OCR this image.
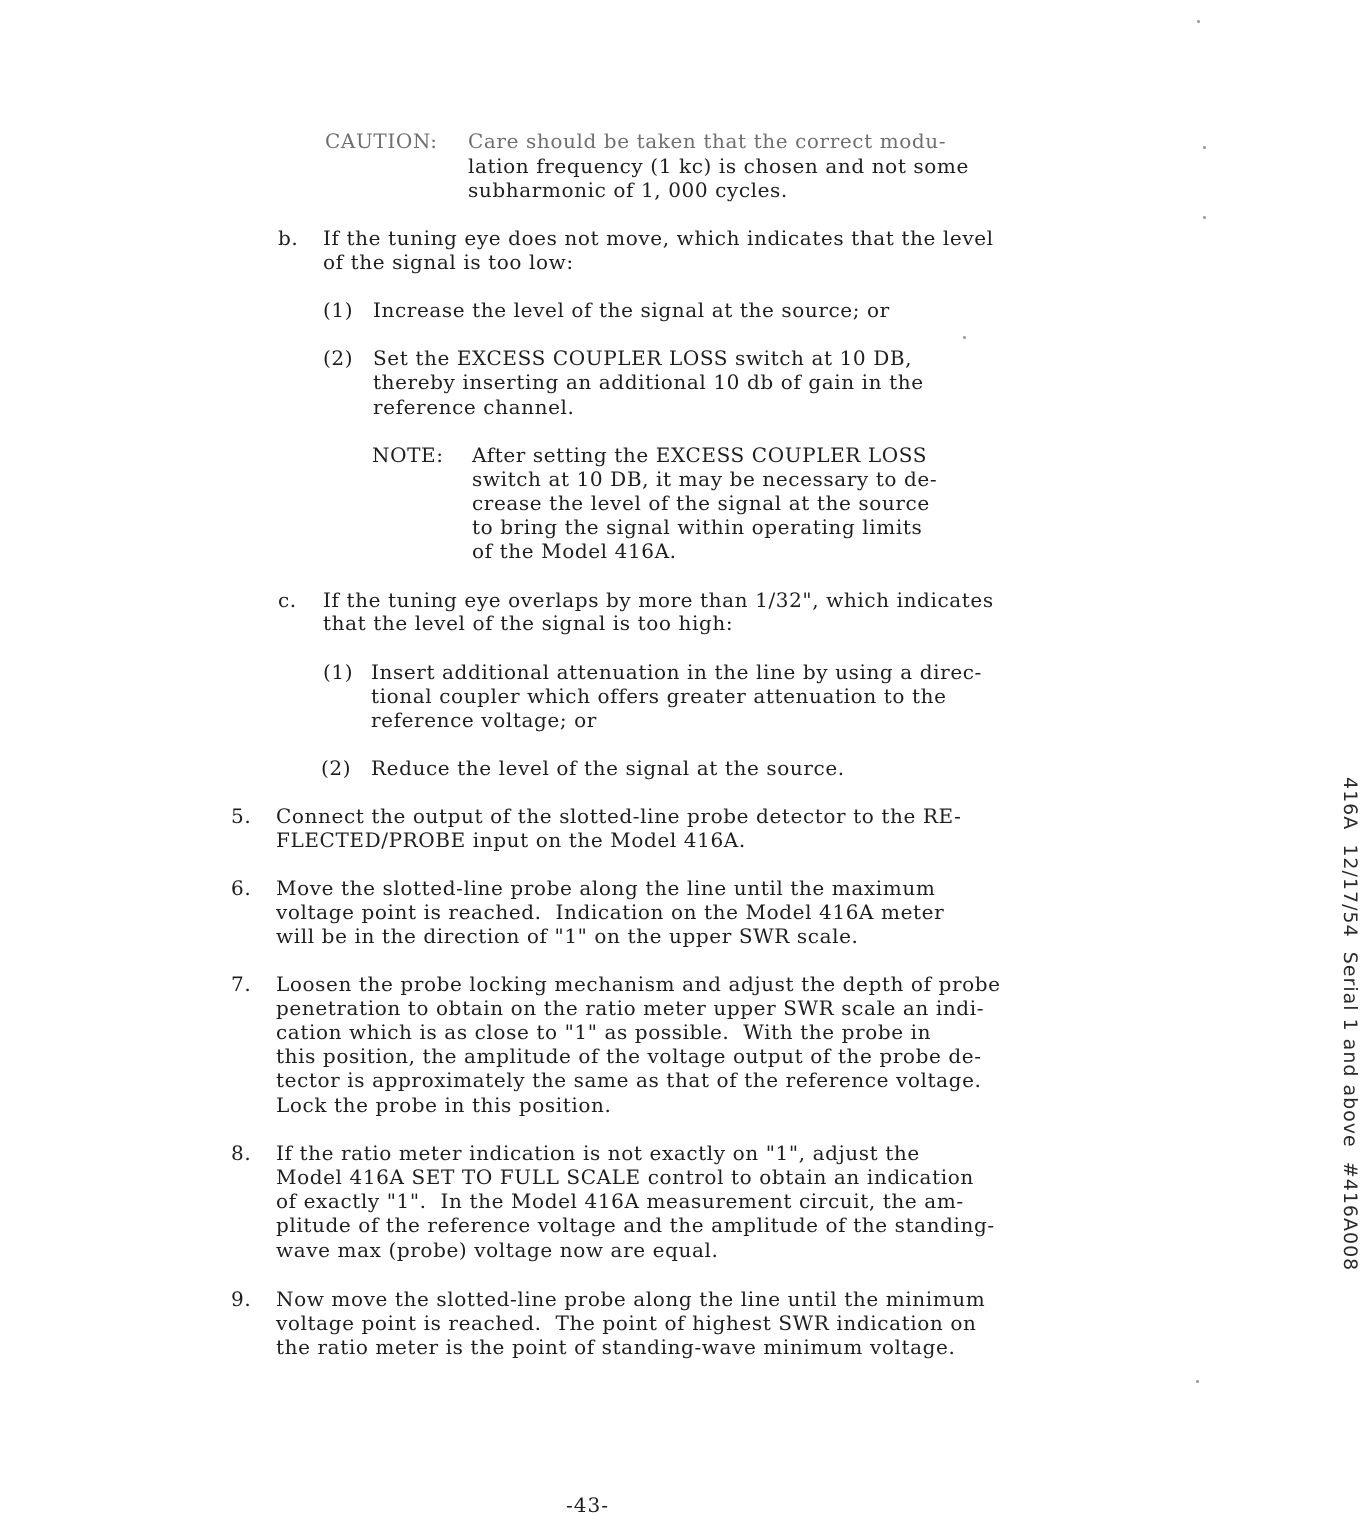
CAUTION: Care should be taken that the correct modu-
lation frequency (1 kc) is chosen and not some
subharmonic of 1, 000 cycles.
b. If the tuning eye does not move, which indicates that the level
of the signal is too low:
(1) Increase the level of the signal at the source; or
(2) Set the EXCESS COUPLER LOSS switch at 10 DB,
thereby inserting an additional 10 db of gain in the
reference channel.
NOTE: After setting the EXCESS COUPLER LOSS
switch at 10 DB, it may be necessary to de-
crease the level of the signal at the source
to bring the signal within operating limits
of the Model 416A.
c. If the tuning eye overlaps by more than 1/32", which indicates
that the level of the signal is too high:
(1) Insert additional attenuation in the line by using a direc-
tional coupler which offers greater attenuation to the
reference voltage; or
(2) Reduce the level of the signal at the source.
5. Connect the output of the slotted-line probe detector to the RE-
FLECTED/PROBE input on the Model 416A.
6. Move the slotted-line probe along the line until the maximum
voltage point is reached.  Indication on the Model 416A meter
will be in the direction of "1" on the upper SWR scale.
7. Loosen the probe locking mechanism and adjust the depth of probe
penetration to obtain on the ratio meter upper SWR scale an indi-
cation which is as close to "1" as possible.  With the probe in
this position, the amplitude of the voltage output of the probe de-
tector is approximately the same as that of the reference voltage.
Lock the probe in this position.
8. If the ratio meter indication is not exactly on "1", adjust the
Model 416A SET TO FULL SCALE control to obtain an indication
of exactly "1".  In the Model 416A measurement circuit, the am-
plitude of the reference voltage and the amplitude of the standing-
wave max (probe) voltage now are equal.
9. Now move the slotted-line probe along the line until the minimum
voltage point is reached.  The point of highest SWR indication on
the ratio meter is the point of standing-wave minimum voltage.
416A  12/17/54  Serial 1 and above  #416A008
-43-
